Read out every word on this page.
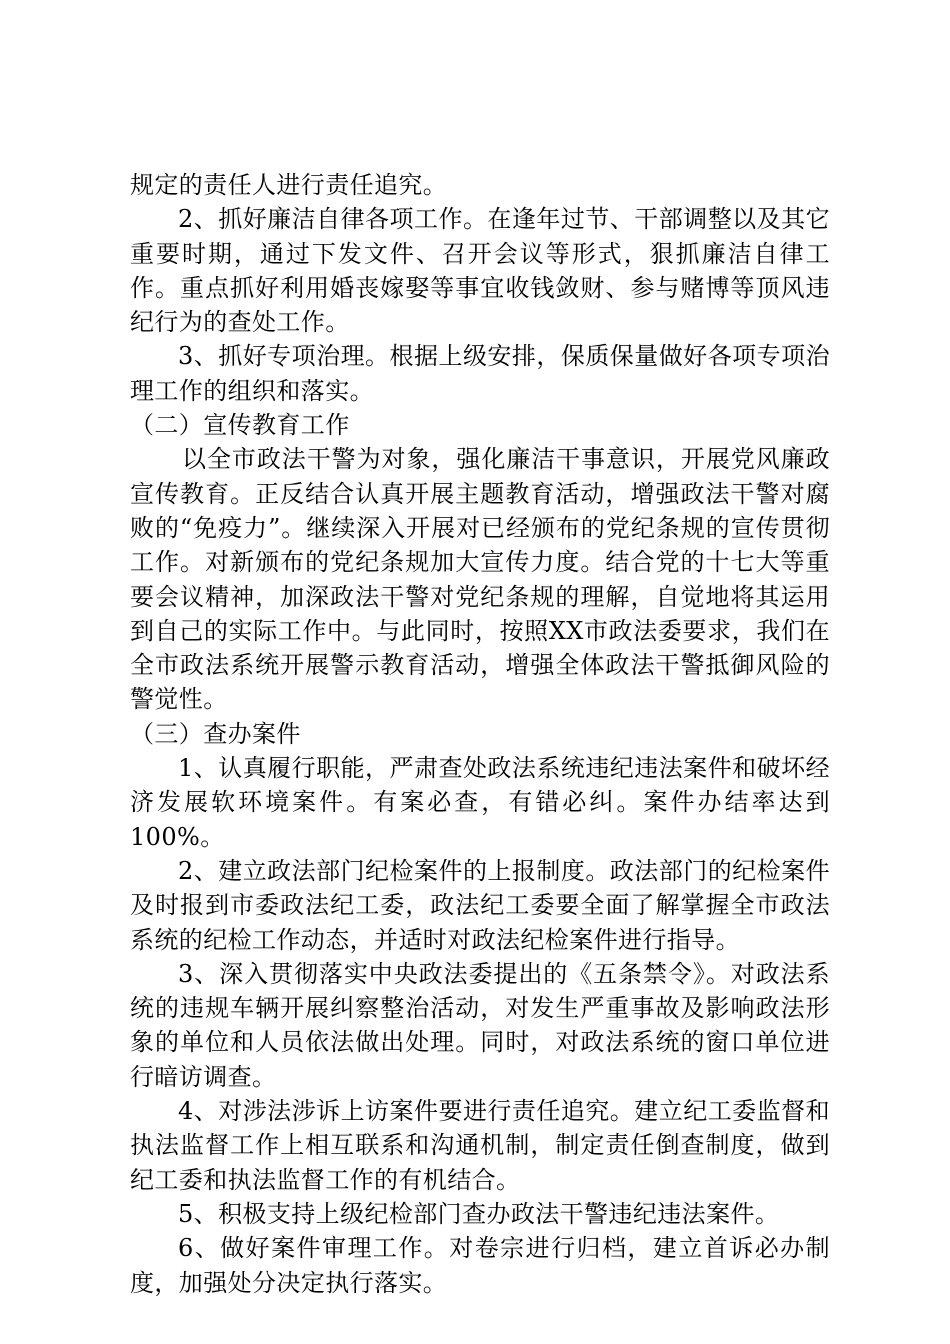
规定的责任人进行责任追究。

2、抓好廉洁自律各项工作。在逢年过节、干部调整以及其它重要时期，通过下发文件、召开会议等形式，狠抓廉洁自律工作。重点抓好利用婚丧嫁娶等事宜收钱敛财、参与赌博等顶风违纪行为的查处工作。

3、抓好专项治理。根据上级安排，保质保量做好各项专项治理工作的组织和落实。

（二）宣传教育工作

以全市政法干警为对象，强化廉洁干事意识，开展党风廉政宣传教育。正反结合认真开展主题教育活动，增强政法干警对腐败的“免疫力”。继续深入开展对已经颁布的党纪条规的宣传贯彻工作。对新颁布的党纪条规加大宣传力度。结合党的十七大等重要会议精神，加深政法干警对党纪条规的理解，自觉地将其运用到自己的实际工作中。与此同时，按照XX市政法委要求，我们在全市政法系统开展警示教育活动，增强全体政法干警抵御风险的警觉性。

（三）查办案件

1、认真履行职能，严肃查处政法系统违纪违法案件和破坏经济发展软环境案件。有案必查，有错必纠。案件办结率达到100%。

2、建立政法部门纪检案件的上报制度。政法部门的纪检案件及时报到市委政法纪工委，政法纪工委要全面了解掌握全市政法系统的纪检工作动态，并适时对政法纪检案件进行指导。

3、深入贯彻落实中央政法委提出的《五条禁令》。对政法系统的违规车辆开展纠察整治活动，对发生严重事故及影响政法形象的单位和人员依法做出处理。同时，对政法系统的窗口单位进行暗访调查。

4、对涉法涉诉上访案件要进行责任追究。建立纪工委监督和执法监督工作上相互联系和沟通机制，制定责任倒查制度，做到纪工委和执法监督工作的有机结合。

5、积极支持上级纪检部门查办政法干警违纪违法案件。

6、做好案件审理工作。对卷宗进行归档，建立首诉必办制度，加强处分决定执行落实。
